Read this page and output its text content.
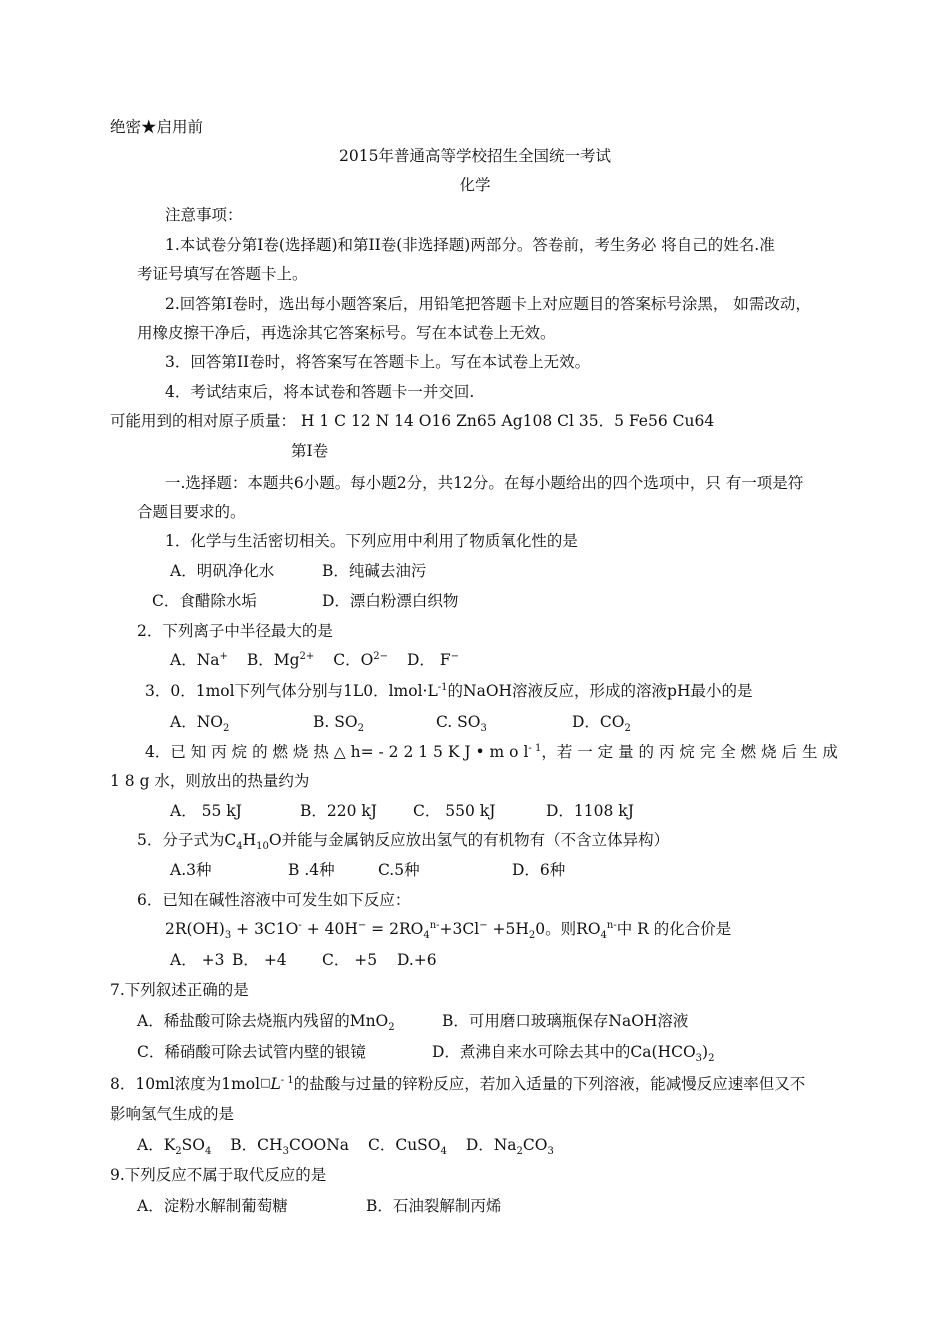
绝密★启用前
2015年普通高等学校招生全国统一考试
化学
注意事项：
1.本试卷分第I卷(选择题)和第II卷(非选择题)两部分。答卷前，考生务必 将自己的姓名.准
考证号填写在答题卡上。
2.回答第I卷时，选出每小题答案后，用铅笔把答题卡上对应题目的答案标号涂黑， 如需改动，
用橡皮擦干净后，再选涂其它答案标号。写在本试卷上无效。
3．回答第II卷时，将答案写在答题卡上。写在本试卷上无效。
4．考试结束后，将本试卷和答题卡一并交回.
可能用到的相对原子质量： H 1 C 12 N 14 O16 Zn65 Ag108 Cl 35．5 Fe56 Cu64
第Ⅰ卷
一.选择题：本题共6小题。每小题2分，共12分。在每小题给出的四个选项中，只 有一项是符
合题目要求的。
1．化学与生活密切相关。下列应用中利用了物质氧化性的是
A．明矾净化水	B．纯碱去油污
C．食醋除水垢	D．漂白粉漂白织物
2．下列离子中半径最大的是
A．Na+ B．$Mg^{2+}$ C．$O^{2-}$ D． F−
3．0．1mol下列气体分别与1L0．$lmol\cdot L^{-1}$的NaOH溶液反应，形成的溶液pH最小的是
A．$NO_2$	B. $SO_2$	C. $SO_3$	D．$CO_2$
4．已 知 丙 烷 的 燃 烧 热 △ h= - 2 2 1 5 K J • m o $l^{- 1}$，若 一 定 量 的 丙 烷 完 全 燃 烧 后 生 成
1 8 g 水，则放出的热量约为
A． 55 kJ	B．220 kJ C． 550 kJ	D．1108 kJ
5．分子式为$C_4H_{10}O$并能与金属钠反应放出氢气的有机物有（不含立体异构）
A.3种	B .4种	C.5种	D．6种
6．已知在碱性溶液中可发生如下反应：
$2R(OH)_3 + 3C1O^- + 40H^- = 2RO_4^{n-}+3Cl^- +5H_20$。则$RO_4^{n-}$中 R 的化合价是
A． +3 B． +4 C． +5 D.+6
7.下列叙述正确的是
A．稀盐酸可除去烧瓶内残留的MnO$_2$	B．可用磨口玻璃瓶保存NaOH溶液
C．稀硝酸可除去试管内壁的银镜	D．煮沸自来水可除去其中的$Ca(HCO_3)_2$
8．10ml浓度为$1mol□L^{- 1}$的盐酸与过量的锌粉反应，若加入适量的下列溶液，能减慢反应速率但又不
影响氢气生成的是
A．$K_2SO_4$ B．$CH_3COONa$ C．CuSO$_4$ D．$Na_2CO_3$
9.下列反应不属于取代反应的是
A．淀粉水解制葡萄糖	B．石油裂解制丙烯
